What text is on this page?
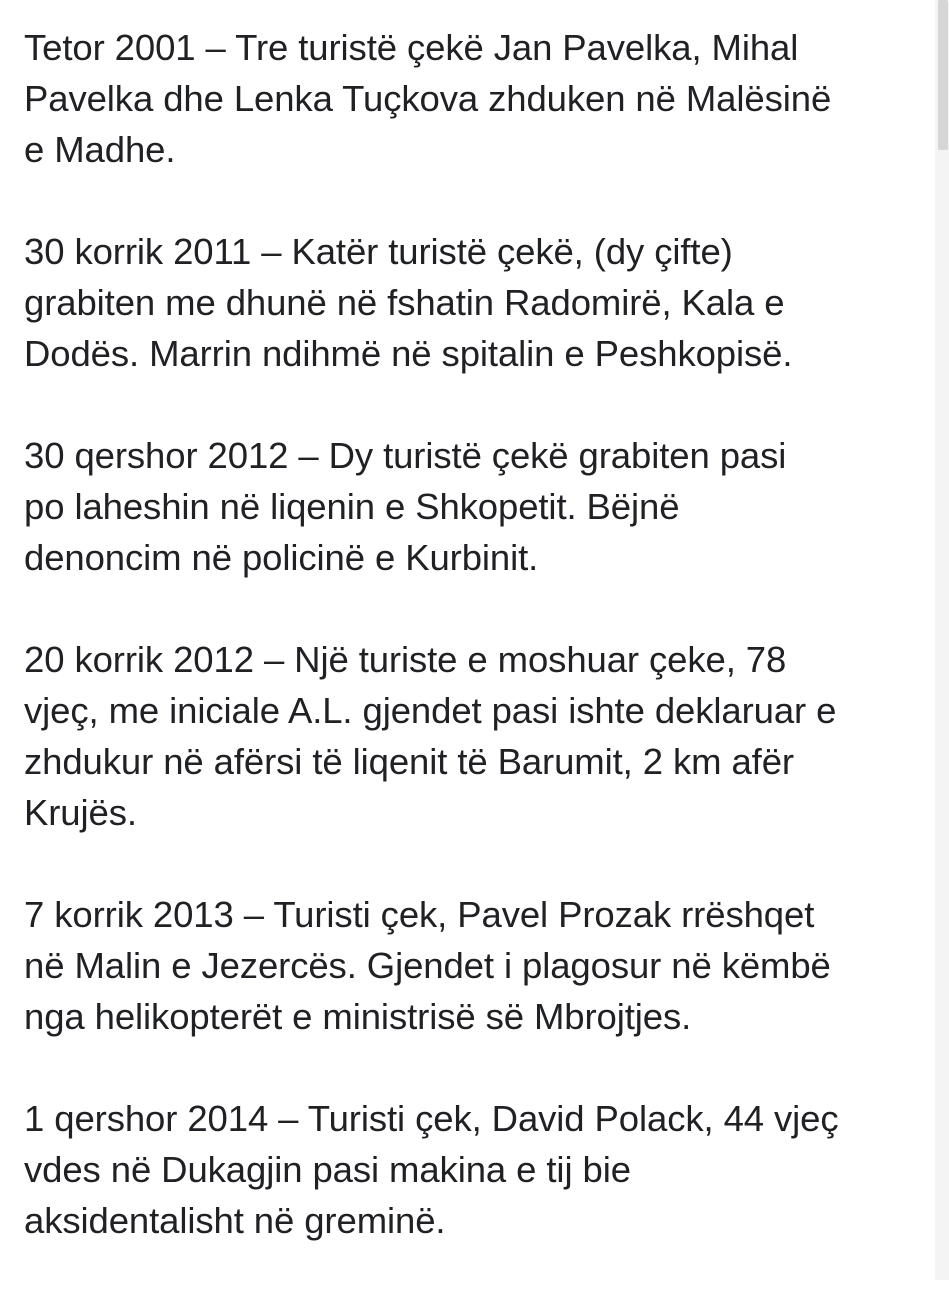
Tetor 2001 – Tre turistë çekë Jan Pavelka, Mihal
Pavelka dhe Lenka Tuçkova zhduken në Malësinë
e Madhe.

30 korrik 2011 – Katër turistë çekë, (dy çifte)
grabiten me dhunë në fshatin Radomirë, Kala e
Dodës. Marrin ndihmë në spitalin e Peshkopisë.

30 qershor 2012 – Dy turistë çekë grabiten pasi
po laheshin në liqenin e Shkopetit. Bëjnë
denoncim në policinë e Kurbinit.

20 korrik 2012 – Një turiste e moshuar çeke, 78
vjeç, me iniciale A.L. gjendet pasi ishte deklaruar e
zhdukur në afërsi të liqenit të Barumit, 2 km afër
Krujës.

7 korrik 2013 – Turisti çek, Pavel Prozak rrëshqet
në Malin e Jezercës. Gjendet i plagosur në këmbë
nga helikopterët e ministrisë së Mbrojtjes.

1 qershor 2014 – Turisti çek, David Polack, 44 vjeç
vdes në Dukagjin pasi makina e tij bie
aksidentalisht në greminë.
